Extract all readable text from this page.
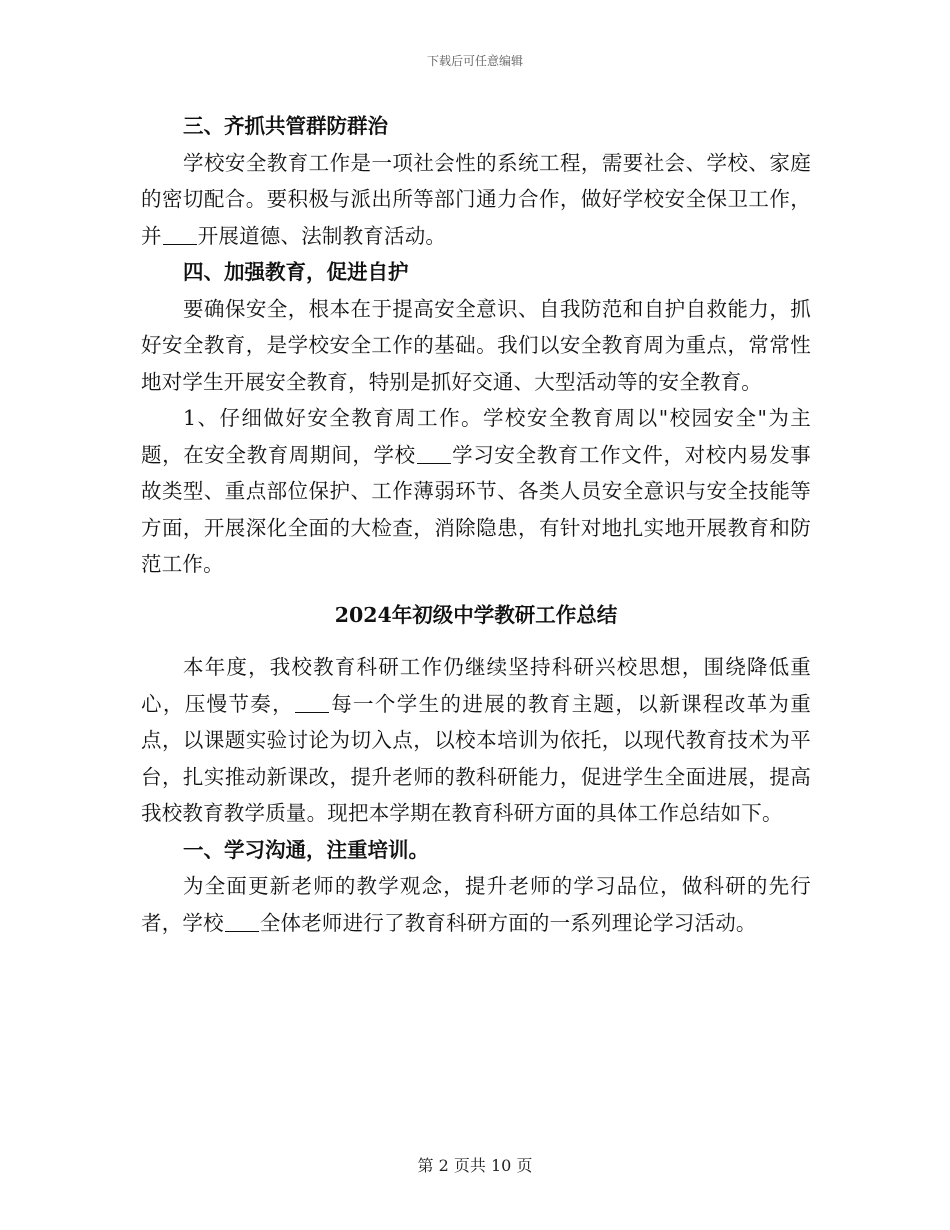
下载后可任意编辑

三、齐抓共管群防群治

学校安全教育工作是一项社会性的系统工程，需要社会、学校、家庭的密切配合。要积极与派出所等部门通力合作，做好学校安全保卫工作，并 开展道德、法制教育活动。

四、加强教育，促进自护

要确保安全，根本在于提高安全意识、自我防范和自护自救能力，抓好安全教育，是学校安全工作的基础。我们以安全教育周为重点，常常性地对学生开展安全教育，特别是抓好交通、大型活动等的安全教育。

1、仔细做好安全教育周工作。学校安全教育周以"校园安全"为主题，在安全教育周期间，学校 学习安全教育工作文件，对校内易发事故类型、重点部位保护、工作薄弱环节、各类人员安全意识与安全技能等方面，开展深化全面的大检查，消除隐患，有针对地扎实地开展教育和防范工作。

2024年初级中学教研工作总结

本年度，我校教育科研工作仍继续坚持科研兴校思想，围绕降低重心，压慢节奏， 每一个学生的进展的教育主题，以新课程改革为重点，以课题实验讨论为切入点，以校本培训为依托，以现代教育技术为平台，扎实推动新课改，提升老师的教科研能力，促进学生全面进展，提高我校教育教学质量。现把本学期在教育科研方面的具体工作总结如下。

一、学习沟通，注重培训。

为全面更新老师的教学观念，提升老师的学习品位，做科研的先行者，学校 全体老师进行了教育科研方面的一系列理论学习活动。

第 2 页共 10 页
